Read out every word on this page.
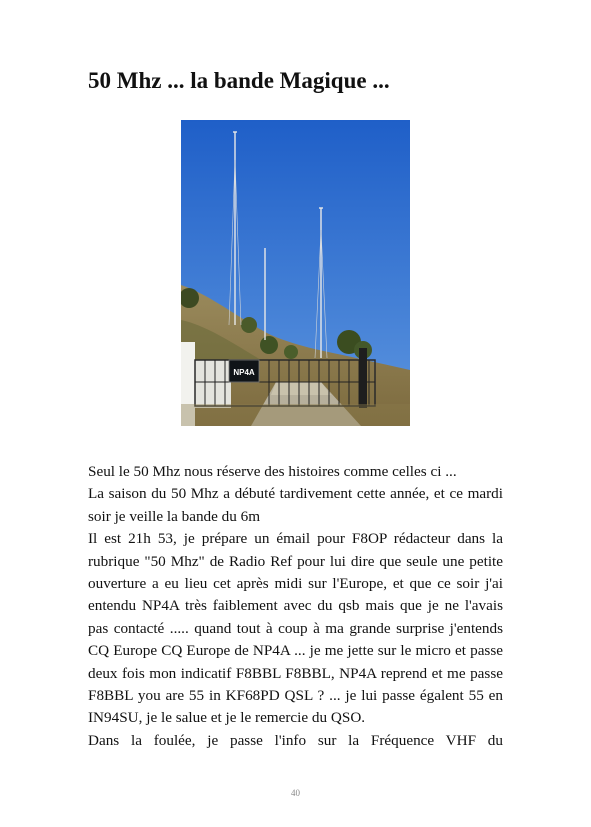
50 Mhz ... la bande Magique ...
NP4A

Seul le 50 Mhz nous réserve des histoires comme celles ci ...

La saison du 50 Mhz a débuté tardivement cette année, et ce mardi soir je veille la bande du 6m

Il est 21h 53, je prépare un émail pour F8OP rédacteur dans la rubrique "50 Mhz" de Radio Ref pour lui dire que seule une petite ouverture a eu lieu cet après midi sur l'Europe, et que ce soir j'ai entendu NP4A très faiblement avec du qsb mais que je ne l'avais pas contacté ..... quand tout à coup à ma grande surprise j'entends CQ Europe CQ Europe de NP4A ... je me jette sur le micro et passe deux fois mon indicatif F8BBL F8BBL, NP4A reprend et me passe F8BBL you are 55 in KF68PD QSL ? ... je lui passe égalent 55 en IN94SU, je le salue et je le remercie du QSO.

Dans la foulée, je passe l'info sur la Fréquence VHF du

40
